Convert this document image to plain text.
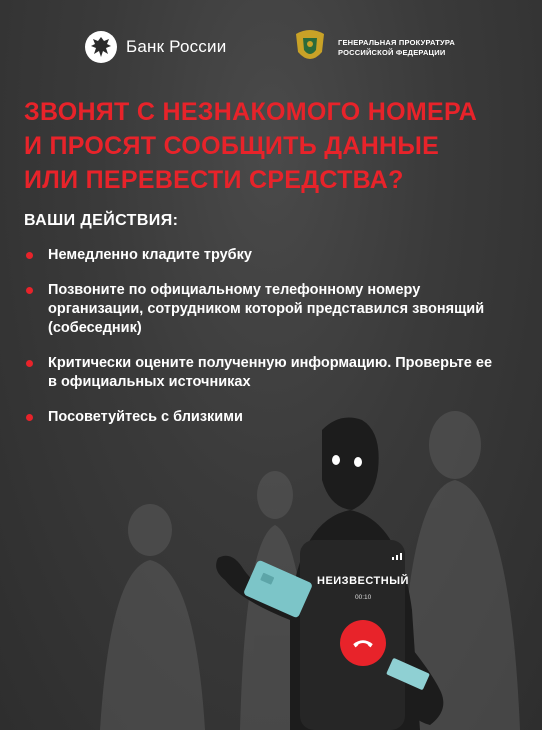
Банк России	ГЕНЕРАЛЬНАЯ ПРОКУРАТУРА
РОССИЙСКОЙ ФЕДЕРАЦИИ
ЗВОНЯТ С НЕЗНАКОМОГО НОМЕРА
И ПРОСЯТ СООБЩИТЬ ДАННЫЕ
ИЛИ ПЕРЕВЕСТИ СРЕДСТВА?
ВАШИ ДЕЙСТВИЯ:
Немедленно кладите трубку
Позвоните по официальному телефонному номеру организации, сотрудником которой представился звонящий (собеседник)
Критически оцените полученную информацию. Проверьте ее в официальных источниках
Посоветуйтесь с близкими
НЕИЗВЕСТНЫЙ
00:10
